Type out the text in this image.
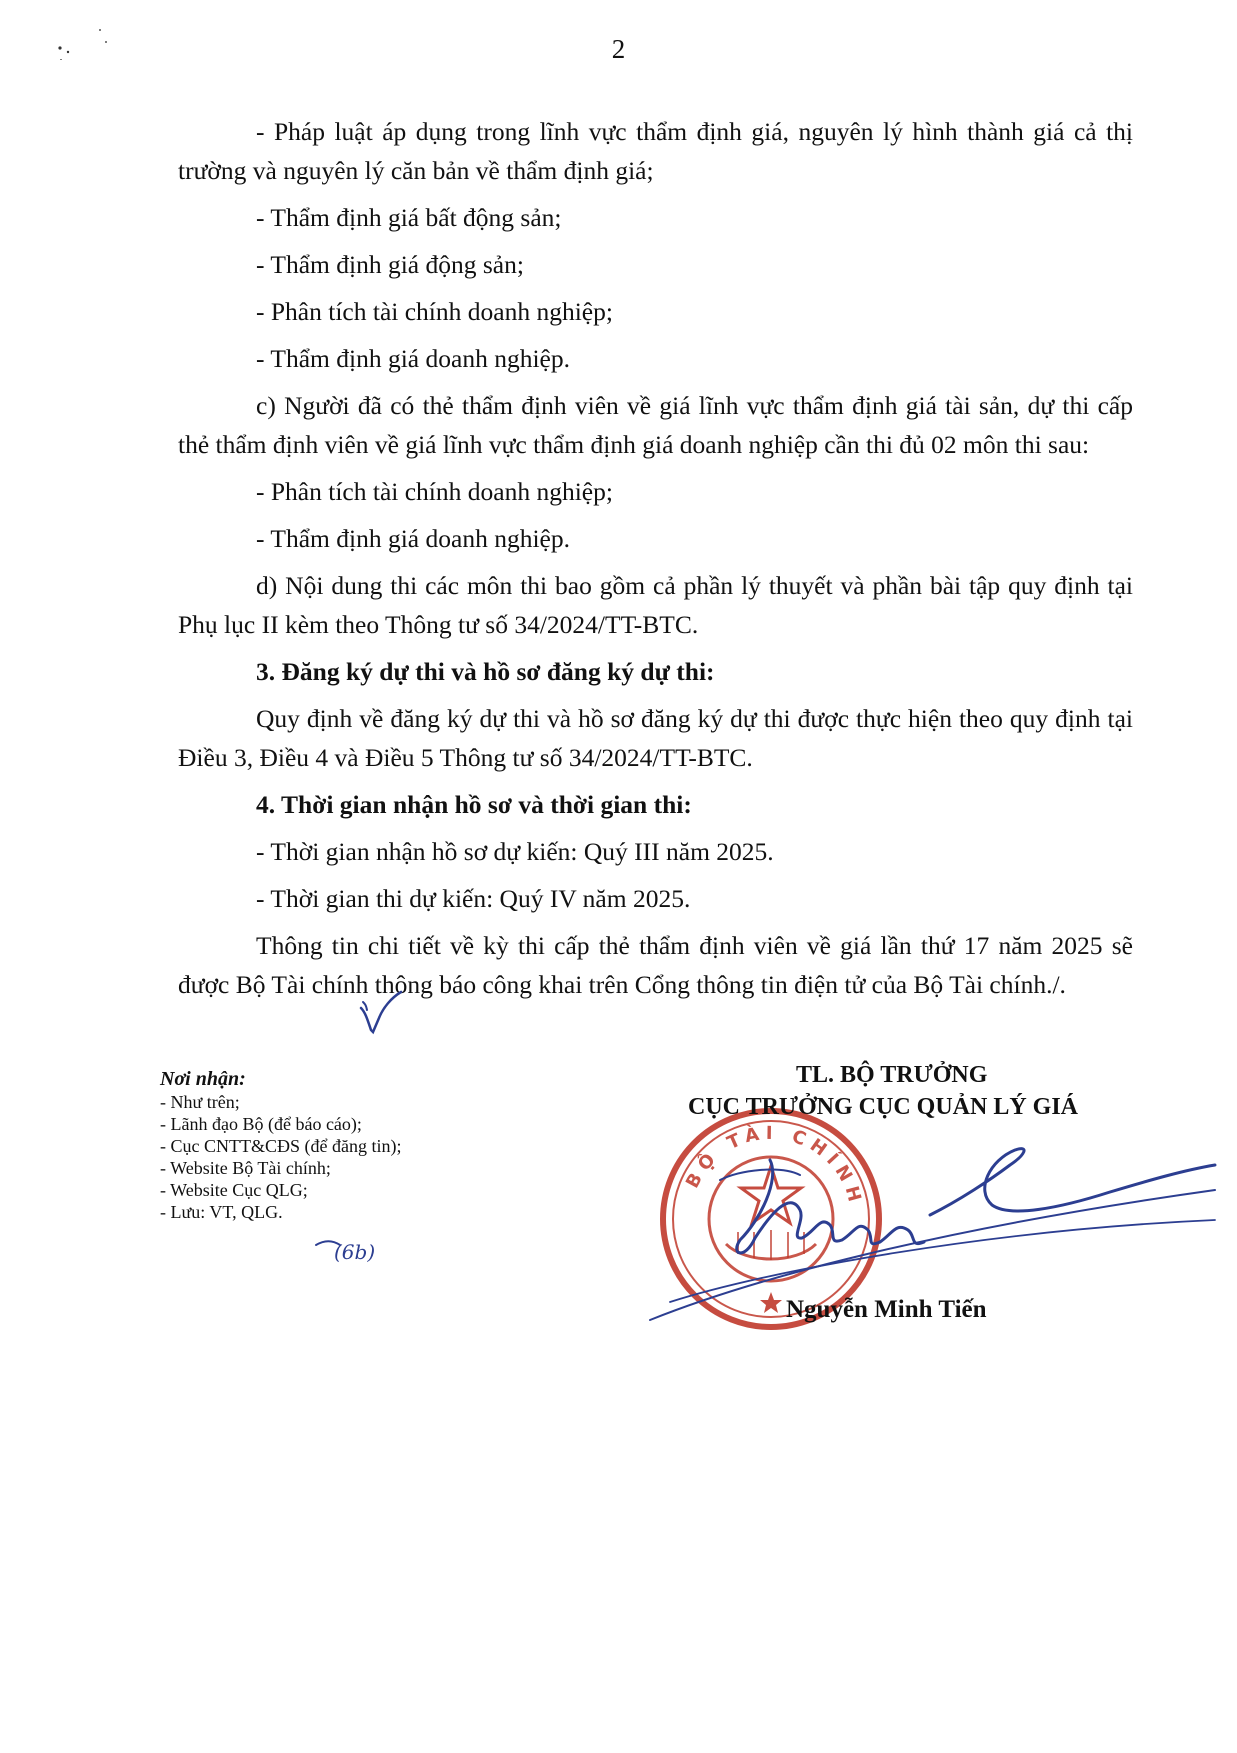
2

- Pháp luật áp dụng trong lĩnh vực thẩm định giá, nguyên lý hình thành giá cả thị trường và nguyên lý căn bản về thẩm định giá;

- Thẩm định giá bất động sản;

- Thẩm định giá động sản;

- Phân tích tài chính doanh nghiệp;

- Thẩm định giá doanh nghiệp.

c) Người đã có thẻ thẩm định viên về giá lĩnh vực thẩm định giá tài sản, dự thi cấp thẻ thẩm định viên về giá lĩnh vực thẩm định giá doanh nghiệp cần thi đủ 02 môn thi sau:

- Phân tích tài chính doanh nghiệp;

- Thẩm định giá doanh nghiệp.

d) Nội dung thi các môn thi bao gồm cả phần lý thuyết và phần bài tập quy định tại Phụ lục II kèm theo Thông tư số 34/2024/TT-BTC.

3. Đăng ký dự thi và hồ sơ đăng ký dự thi:

Quy định về đăng ký dự thi và hồ sơ đăng ký dự thi được thực hiện theo quy định tại Điều 3, Điều 4 và Điều 5 Thông tư số 34/2024/TT-BTC.

4. Thời gian nhận hồ sơ và thời gian thi:

- Thời gian nhận hồ sơ dự kiến: Quý III năm 2025.

- Thời gian thi dự kiến: Quý IV năm 2025.

Thông tin chi tiết về kỳ thi cấp thẻ thẩm định viên về giá lần thứ 17 năm 2025 sẽ được Bộ Tài chính thông báo công khai trên Cổng thông tin điện tử của Bộ Tài chính./.

Nơi nhận:
- Như trên;
- Lãnh đạo Bộ (để báo cáo);
- Cục CNTT&CĐS (để đăng tin);
- Website Bộ Tài chính;
- Website Cục QLG;
- Lưu: VT, QLG.
(6b)
BỘ TÀI CHÍNH
TL. BỘ TRƯỞNG
CỤC TRƯỞNG CỤC QUẢN LÝ GIÁ
Nguyễn Minh Tiến
